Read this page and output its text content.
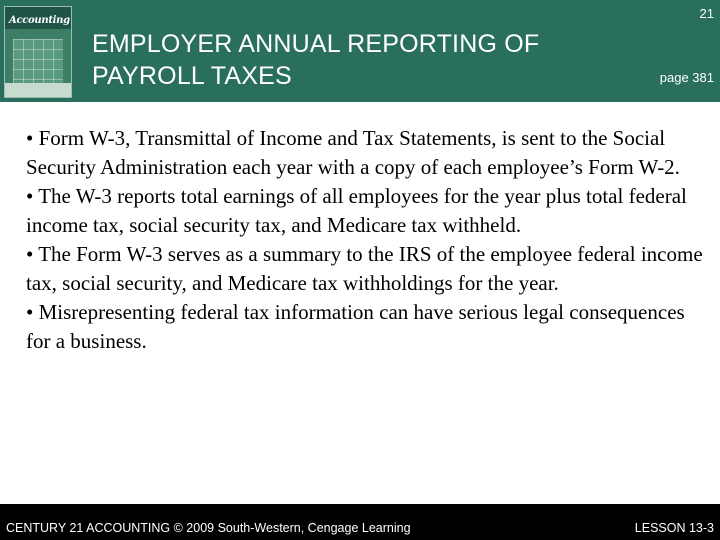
Accounting
EMPLOYER ANNUAL REPORTING OF
PAYROLL TAXES
21
page 381
• Form W-3, Transmittal of Income and Tax Statements, is sent to the Social Security Administration each year with a copy of each employee’s Form W-2.
• The W-3 reports total earnings of all employees for the year plus total federal income tax, social security tax, and Medicare tax withheld.
• The Form W-3 serves as a summary to the IRS of the employee federal income tax, social security, and Medicare tax withholdings for the year.
• Misrepresenting federal tax information can have serious legal consequences for a business.
CENTURY 21 ACCOUNTING © 2009 South-Western, Cengage Learning	LESSON 13-3
